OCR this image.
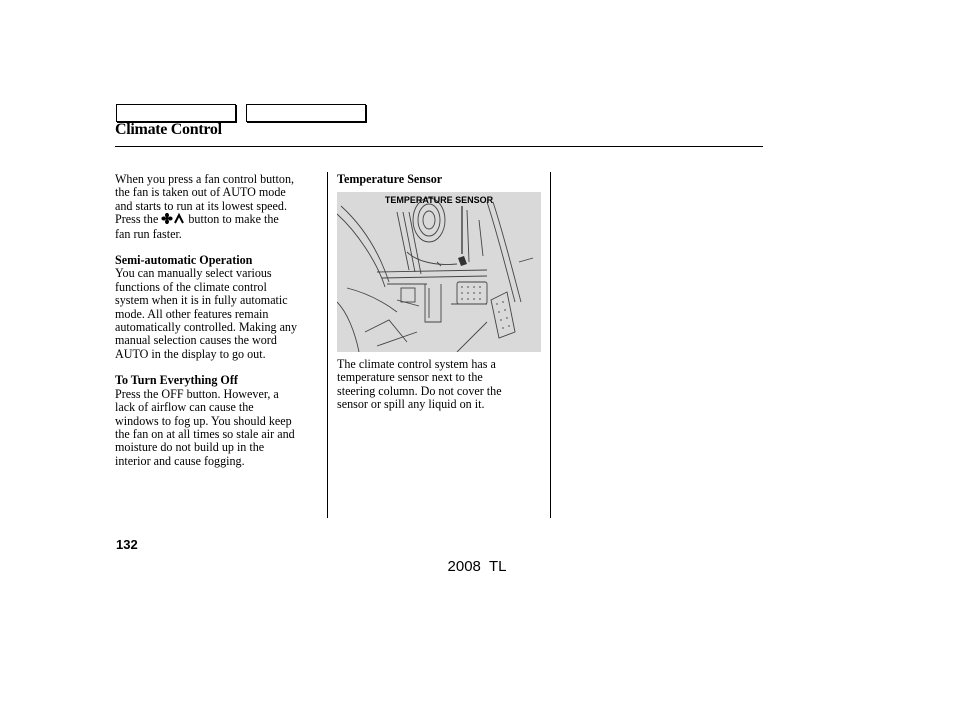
Climate Control

When you press a fan control button,
the fan is taken out of AUTO mode
and starts to run at its lowest speed.
Press the  button to make the
fan run faster.

Semi-automatic Operation

You can manually select various
functions of the climate control
system when it is in fully automatic
mode. All other features remain
automatically controlled. Making any
manual selection causes the word
AUTO in the display to go out.

To Turn Everything Off

Press the OFF button. However, a
lack of airflow can cause the
windows to fog up. You should keep
the fan on at all times so stale air and
moisture do not build up in the
interior and cause fogging.

Temperature Sensor
TEMPERATURE SENSOR

The climate control system has a
temperature sensor next to the
steering column. Do not cover the
sensor or spill any liquid on it.

132
2008  TL
